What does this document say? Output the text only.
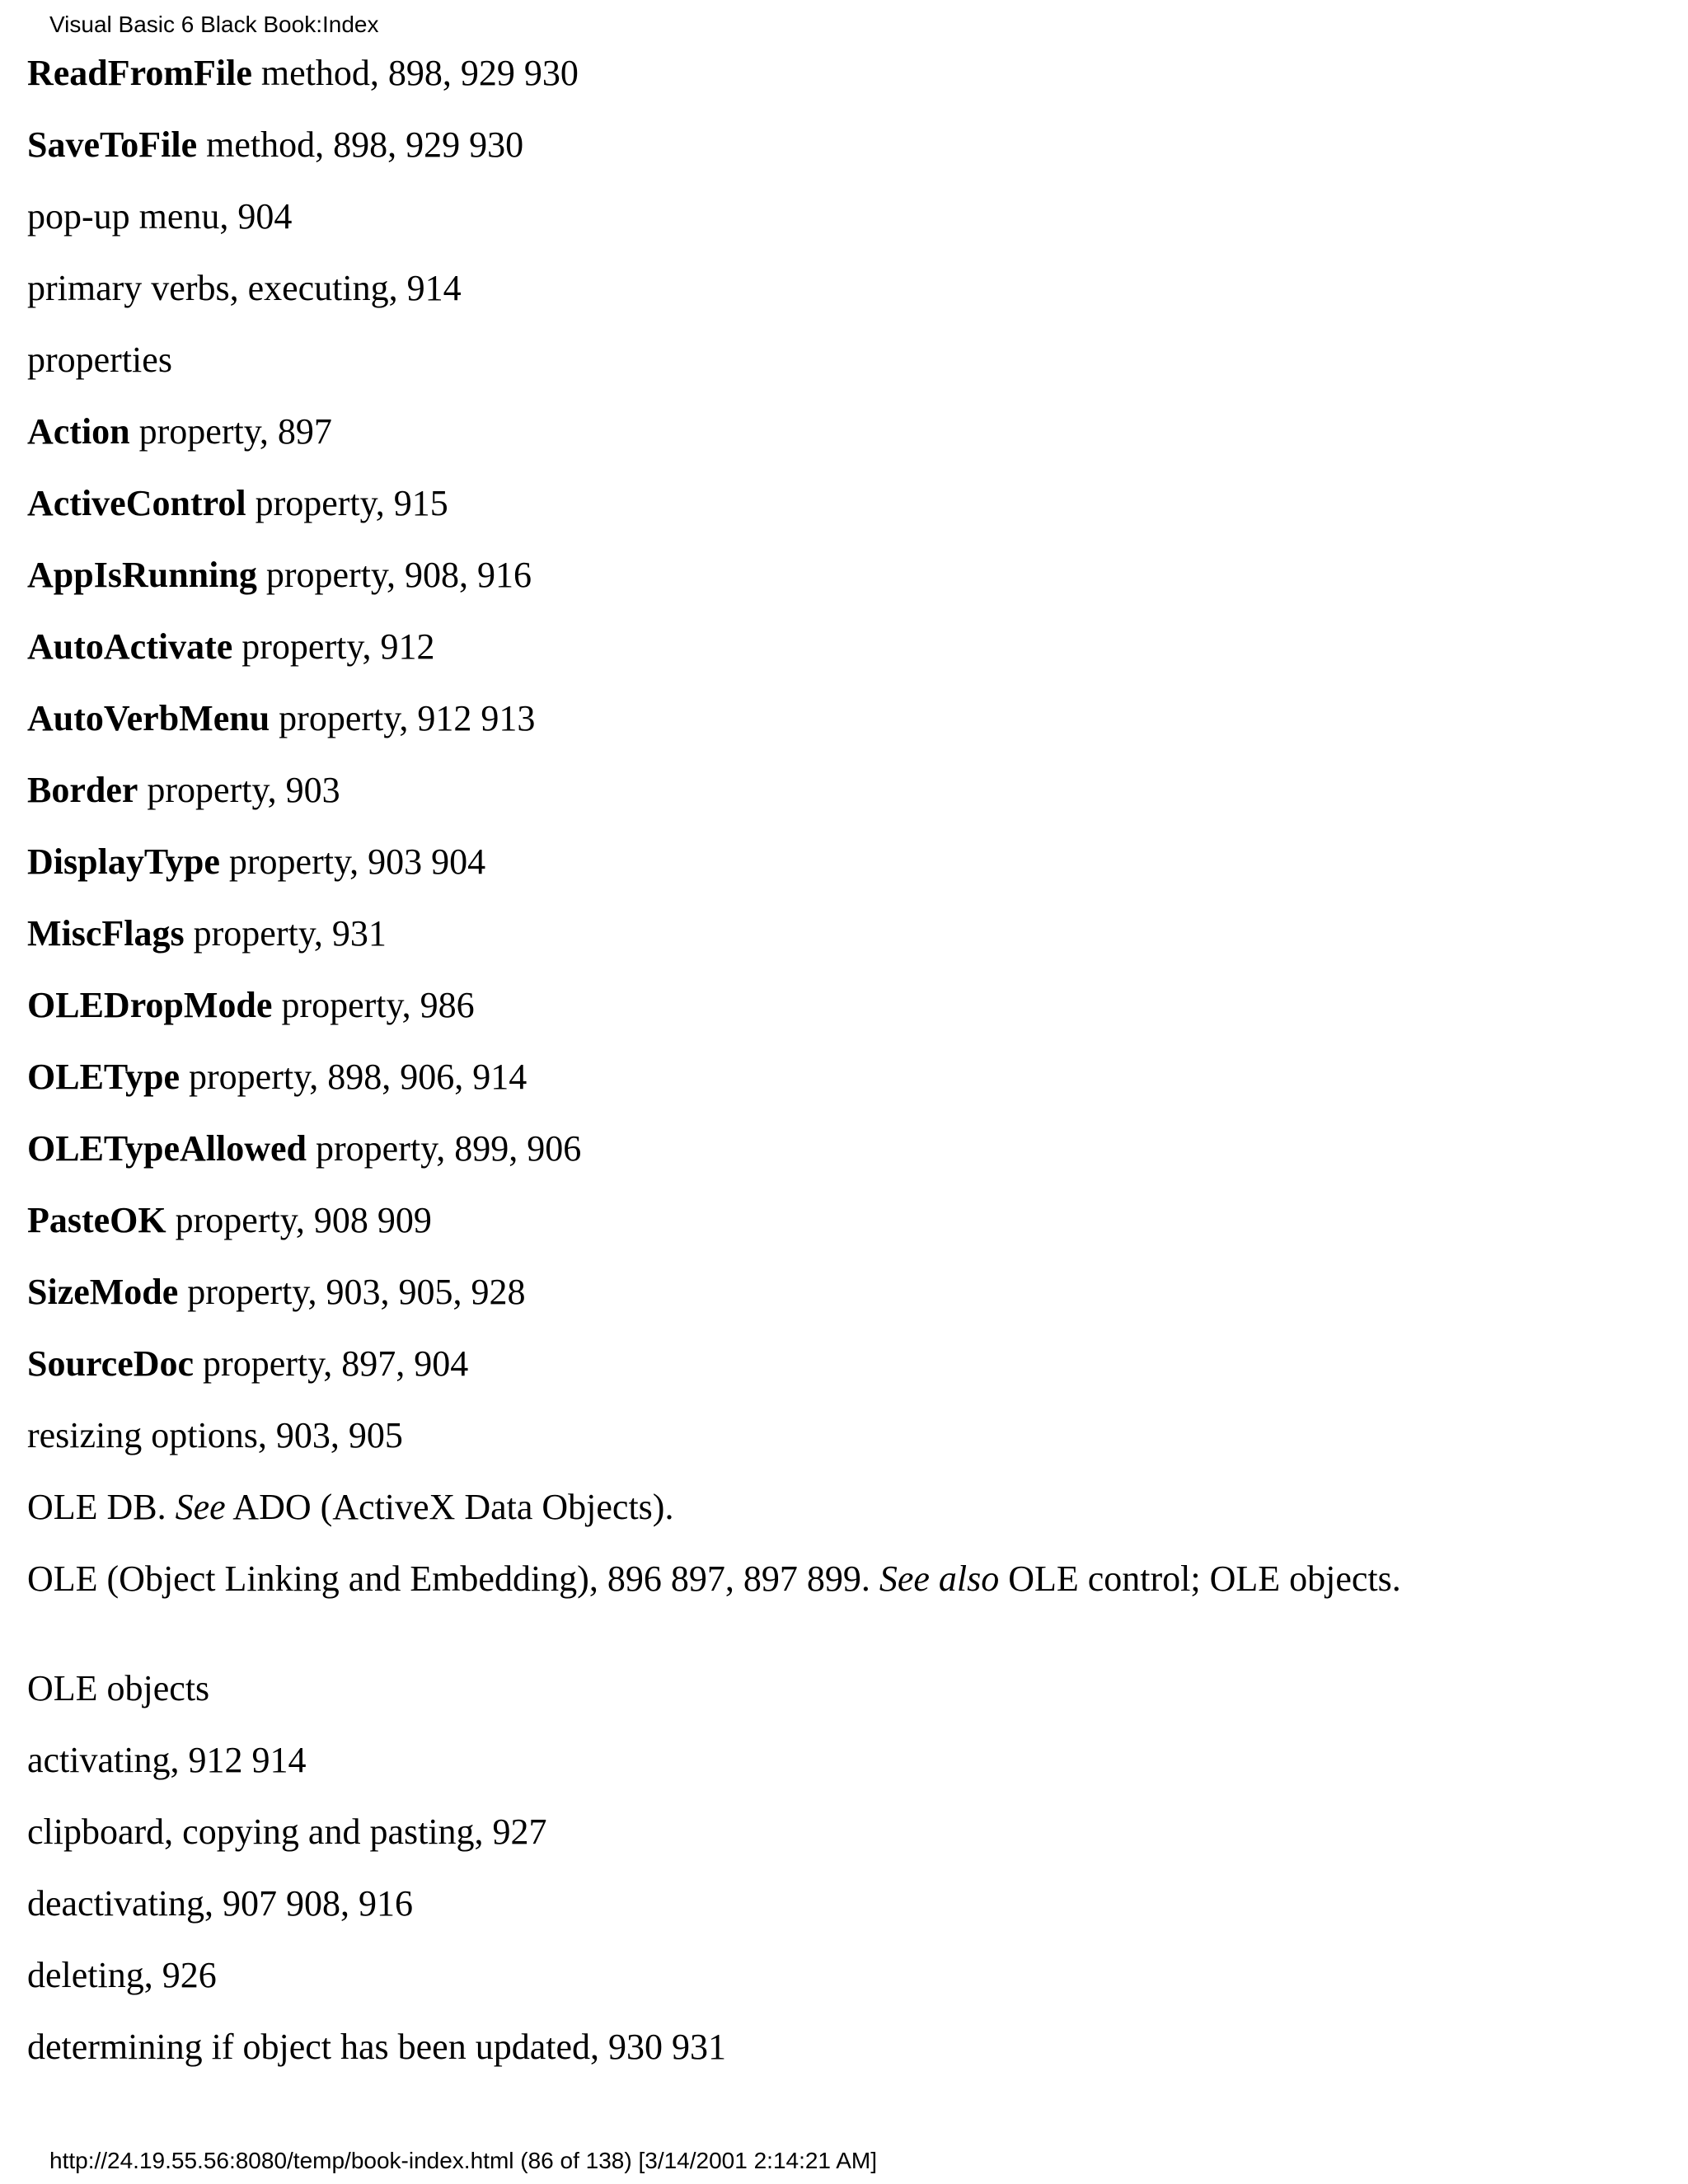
Visual Basic 6 Black Book:Index
ReadFromFile method, 898, 929 930
SaveToFile method, 898, 929 930
pop-up menu, 904
primary verbs, executing, 914
properties
Action property, 897
ActiveControl property, 915
AppIsRunning property, 908, 916
AutoActivate property, 912
AutoVerbMenu property, 912 913
Border property, 903
DisplayType property, 903 904
MiscFlags property, 931
OLEDropMode property, 986
OLEType property, 898, 906, 914
OLETypeAllowed property, 899, 906
PasteOK property, 908 909
SizeMode property, 903, 905, 928
SourceDoc property, 897, 904
resizing options, 903, 905
OLE DB. See ADO (ActiveX Data Objects).
OLE (Object Linking and Embedding), 896 897, 897 899. See also OLE control; OLE objects.
OLE objects
activating, 912 914
clipboard, copying and pasting, 927
deactivating, 907 908, 916
deleting, 926
determining if object has been updated, 930 931
http://24.19.55.56:8080/temp/book-index.html (86 of 138) [3/14/2001 2:14:21 AM]
